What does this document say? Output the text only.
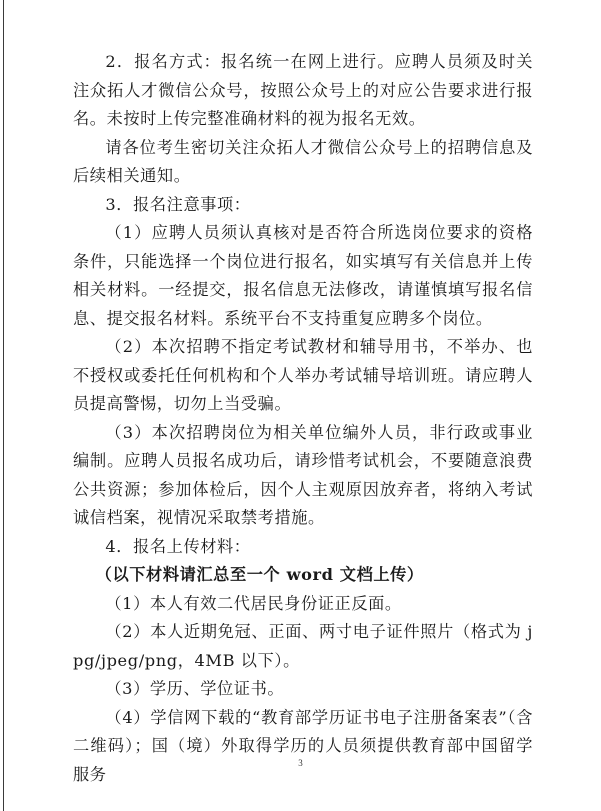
2．报名方式：报名统一在网上进行。应聘人员须及时关注众拓人才微信公众号，按照公众号上的对应公告要求进行报名。未按时上传完整准确材料的视为报名无效。

请各位考生密切关注众拓人才微信公众号上的招聘信息及后续相关通知。

3．报名注意事项：

（1）应聘人员须认真核对是否符合所选岗位要求的资格条件，只能选择一个岗位进行报名，如实填写有关信息并上传相关材料。一经提交，报名信息无法修改，请谨慎填写报名信息、提交报名材料。系统平台不支持重复应聘多个岗位。

（2）本次招聘不指定考试教材和辅导用书，不举办、也不授权或委托任何机构和个人举办考试辅导培训班。请应聘人员提高警惕，切勿上当受骗。

（3）本次招聘岗位为相关单位编外人员，非行政或事业编制。应聘人员报名成功后，请珍惜考试机会，不要随意浪费公共资源；参加体检后，因个人主观原因放弃者，将纳入考试诚信档案，视情况采取禁考措施。

4．报名上传材料：

（以下材料请汇总至一个 word 文档上传）

（1）本人有效二代居民身份证正反面。

（2）本人近期免冠、正面、两寸电子证件照片（格式为 jpg/jpeg/png，4MB 以下）。

（3）学历、学位证书。

（4）学信网下载的“教育部学历证书电子注册备案表”（含二维码）；国（境）外取得学历的人员须提供教育部中国留学服务

3
